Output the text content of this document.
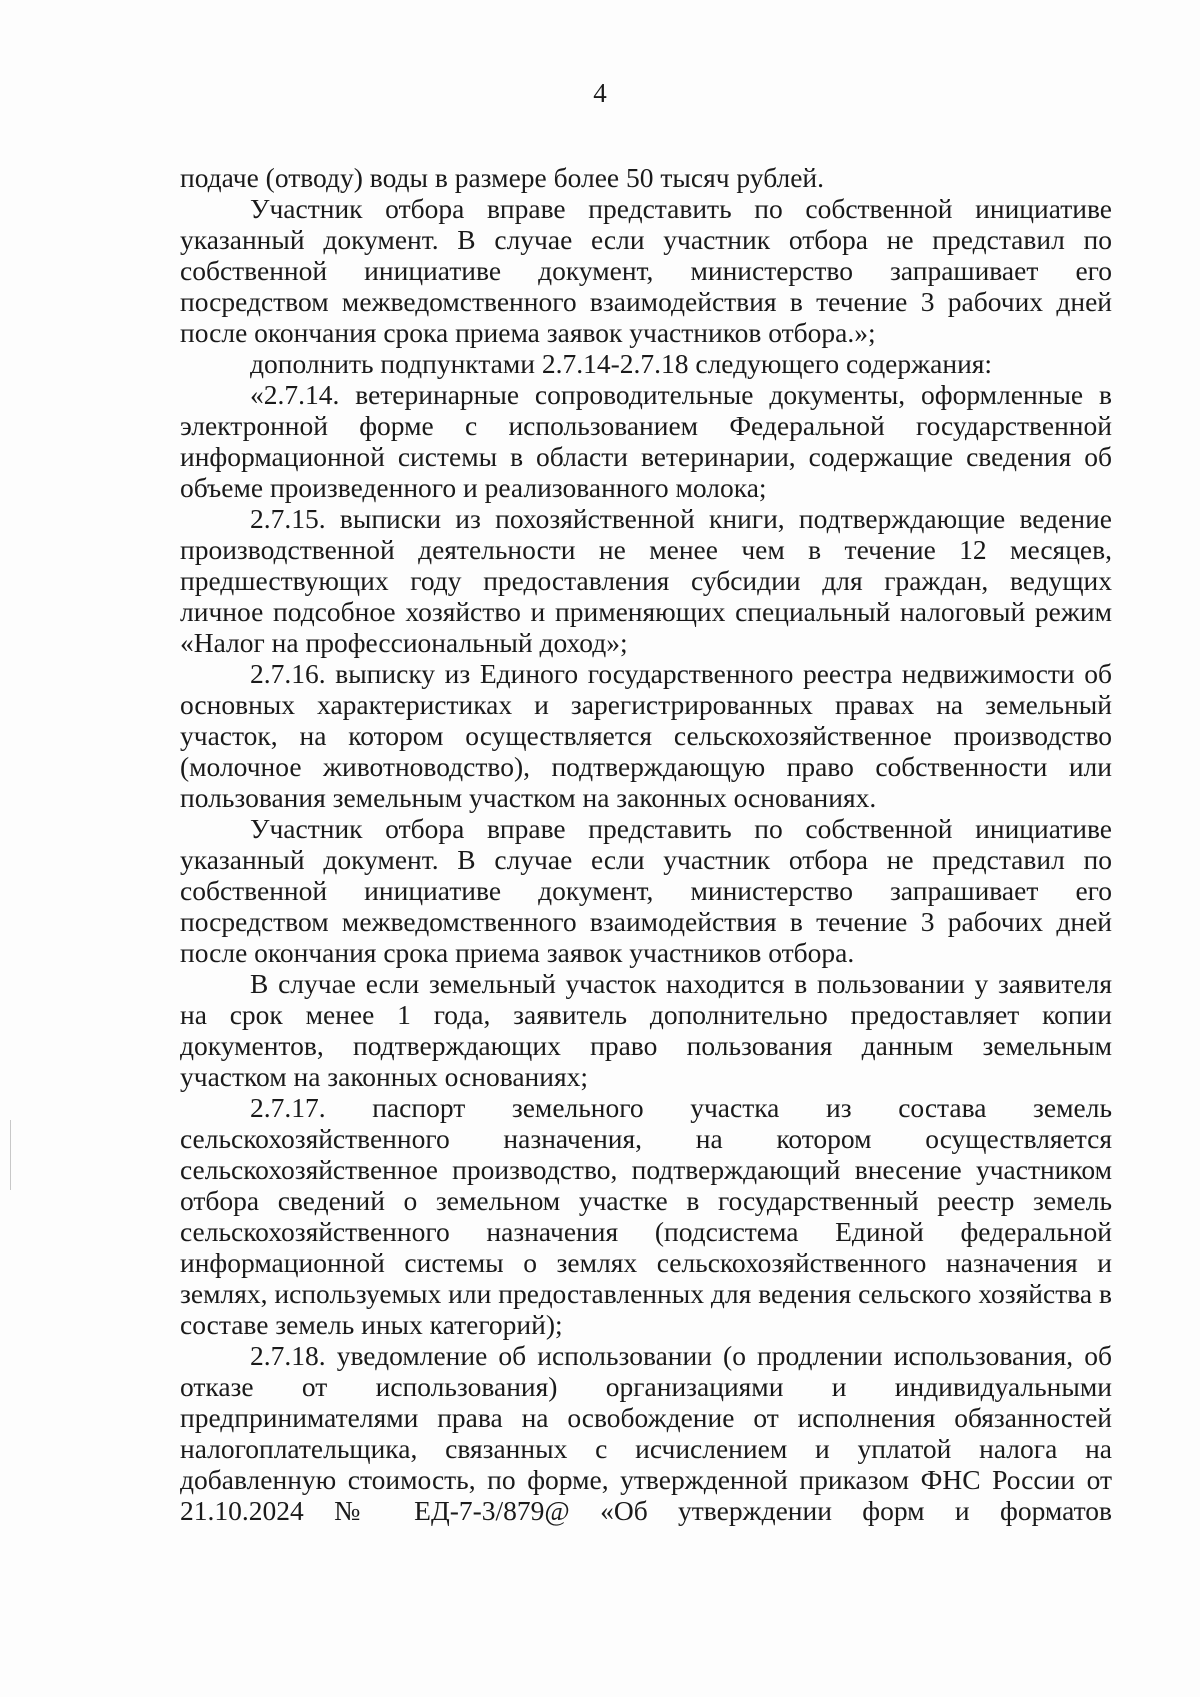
4

подаче (отводу) воды в размере более 50 тысяч рублей.

Участник отбора вправе представить по собственной инициативе указанный документ. В случае если участник отбора не представил по собственной инициативе документ, министерство запрашивает его посредством межведомственного взаимодействия в течение 3 рабочих дней после окончания срока приема заявок участников отбора.»;

дополнить подпунктами 2.7.14-2.7.18 следующего содержания:

«2.7.14. ветеринарные сопроводительные документы, оформленные в электронной форме с использованием Федеральной государственной информационной системы в области ветеринарии, содержащие сведения об объеме произведенного и реализованного молока;

2.7.15. выписки из похозяйственной книги, подтверждающие ведение производственной деятельности не менее чем в течение 12 месяцев, предшествующих году предоставления субсидии для граждан, ведущих личное подсобное хозяйство и применяющих специальный налоговый режим «Налог на профессиональный доход»;

2.7.16. выписку из Единого государственного реестра недвижимости об основных характеристиках и зарегистрированных правах на земельный участок, на котором осуществляется сельскохозяйственное производство (молочное животноводство), подтверждающую право собственности или пользования земельным участком на законных основаниях.

Участник отбора вправе представить по собственной инициативе указанный документ. В случае если участник отбора не представил по собственной инициативе документ, министерство запрашивает его посредством межведомственного взаимодействия в течение 3 рабочих дней после окончания срока приема заявок участников отбора.

В случае если земельный участок находится в пользовании у заявителя на срок менее 1 года, заявитель дополнительно предоставляет копии документов, подтверждающих право пользования данным земельным участком на законных основаниях;

2.7.17. паспорт земельного участка из состава земель сельскохозяйственного назначения, на котором осуществляется сельскохозяйственное производство, подтверждающий внесение участником отбора сведений о земельном участке в государственный реестр земель сельскохозяйственного назначения (подсистема Единой федеральной информационной системы о землях сельскохозяйственного назначения и землях, используемых или предоставленных для ведения сельского хозяйства в составе земель иных категорий);

2.7.18. уведомление об использовании (о продлении использования, об отказе от использования) организациями и индивидуальными предпринимателями права на освобождение от исполнения обязанностей налогоплательщика, связанных с исчислением и уплатой налога на добавленную стоимость, по форме, утвержденной приказом ФНС России от 21.10.2024 № ЕД-7-3/879@ «Об утверждении форм и форматов
